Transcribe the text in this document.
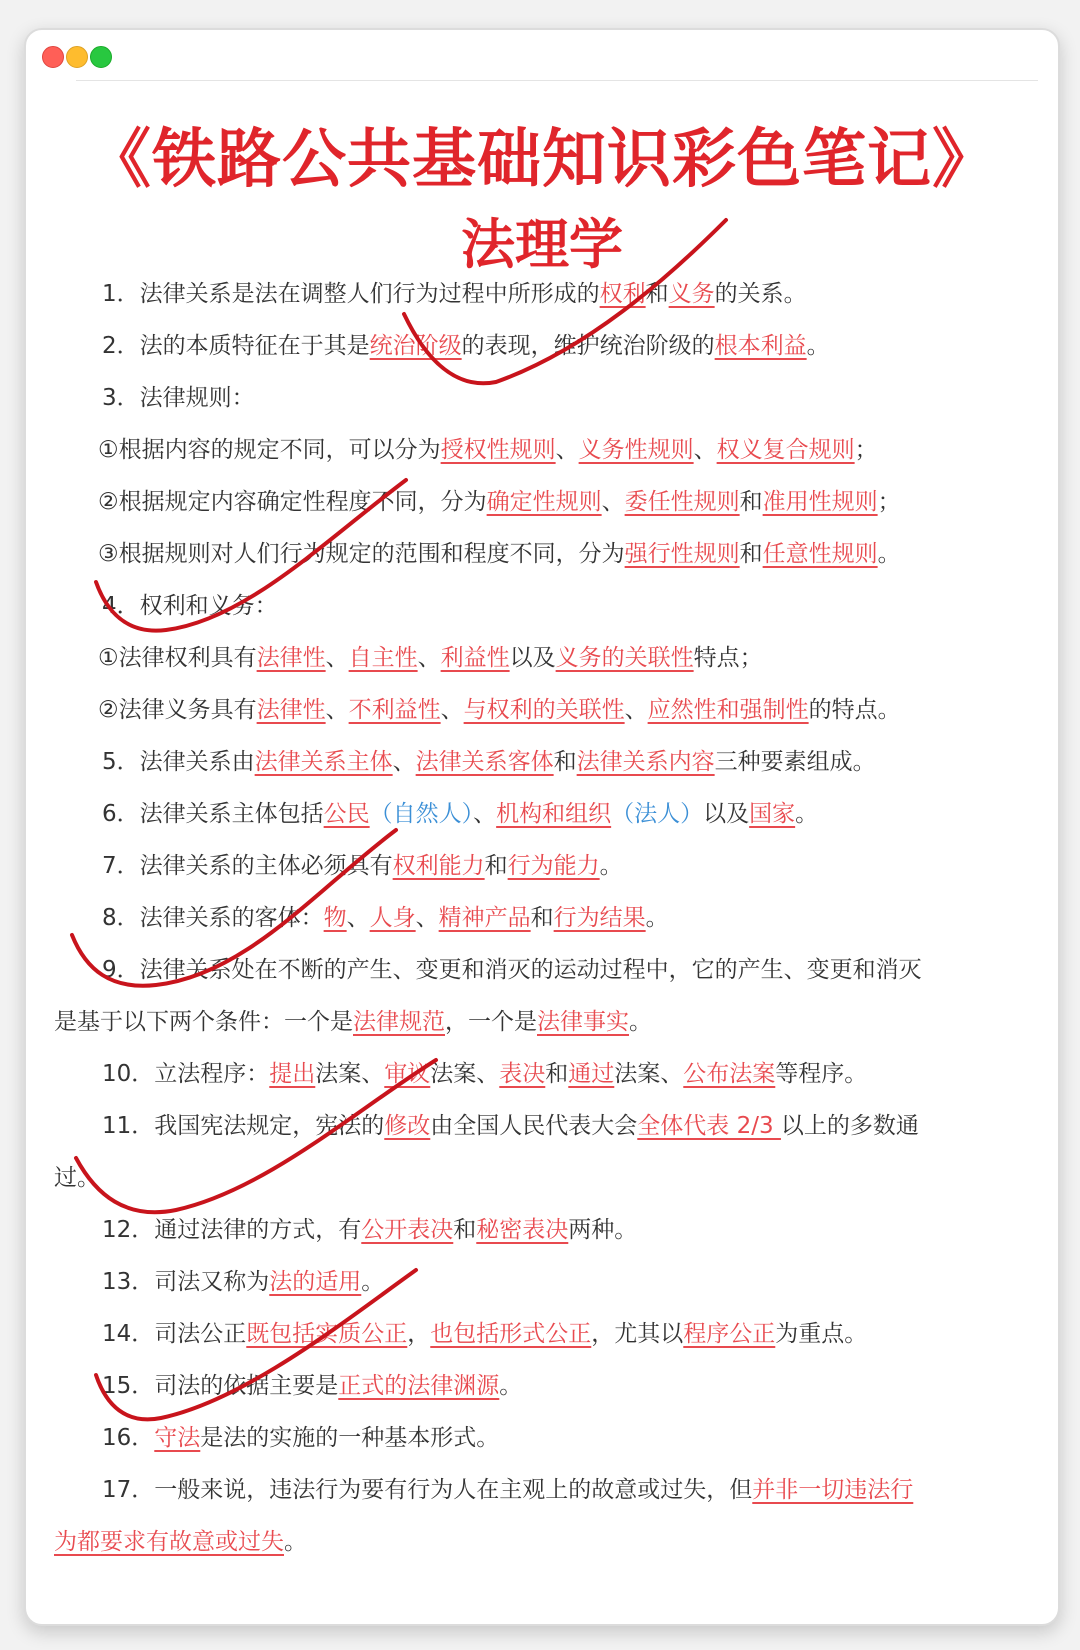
《铁路公共基础知识彩色笔记》
法理学
1．法律关系是法在调整人们行为过程中所形成的权利和义务的关系。
2．法的本质特征在于其是统治阶级的表现，维护统治阶级的根本利益。
3．法律规则：
①根据内容的规定不同，可以分为授权性规则、义务性规则、权义复合规则；
②根据规定内容确定性程度不同，分为确定性规则、委任性规则和准用性规则；
③根据规则对人们行为规定的范围和程度不同，分为强行性规则和任意性规则。
4．权利和义务：
①法律权利具有法律性、自主性、利益性以及义务的关联性特点；
②法律义务具有法律性、不利益性、与权利的关联性、应然性和强制性的特点。
5．法律关系由法律关系主体、法律关系客体和法律关系内容三种要素组成。
6．法律关系主体包括公民（自然人）、机构和组织（法人）以及国家。
7．法律关系的主体必须具有权利能力和行为能力。
8．法律关系的客体：物、人身、精神产品和行为结果。
9．法律关系处在不断的产生、变更和消灭的运动过程中，它的产生、变更和消灭
是基于以下两个条件：一个是法律规范，一个是法律事实。
10．立法程序：提出法案、审议法案、表决和通过法案、公布法案等程序。
11．我国宪法规定，宪法的修改由全国人民代表大会全体代表 2/3 以上的多数通
过。
12．通过法律的方式，有公开表决和秘密表决两种。
13．司法又称为法的适用。
14．司法公正既包括实质公正，也包括形式公正，尤其以程序公正为重点。
15．司法的依据主要是正式的法律渊源。
16．守法是法的实施的一种基本形式。
17．一般来说，违法行为要有行为人在主观上的故意或过失，但并非一切违法行
为都要求有故意或过失。
